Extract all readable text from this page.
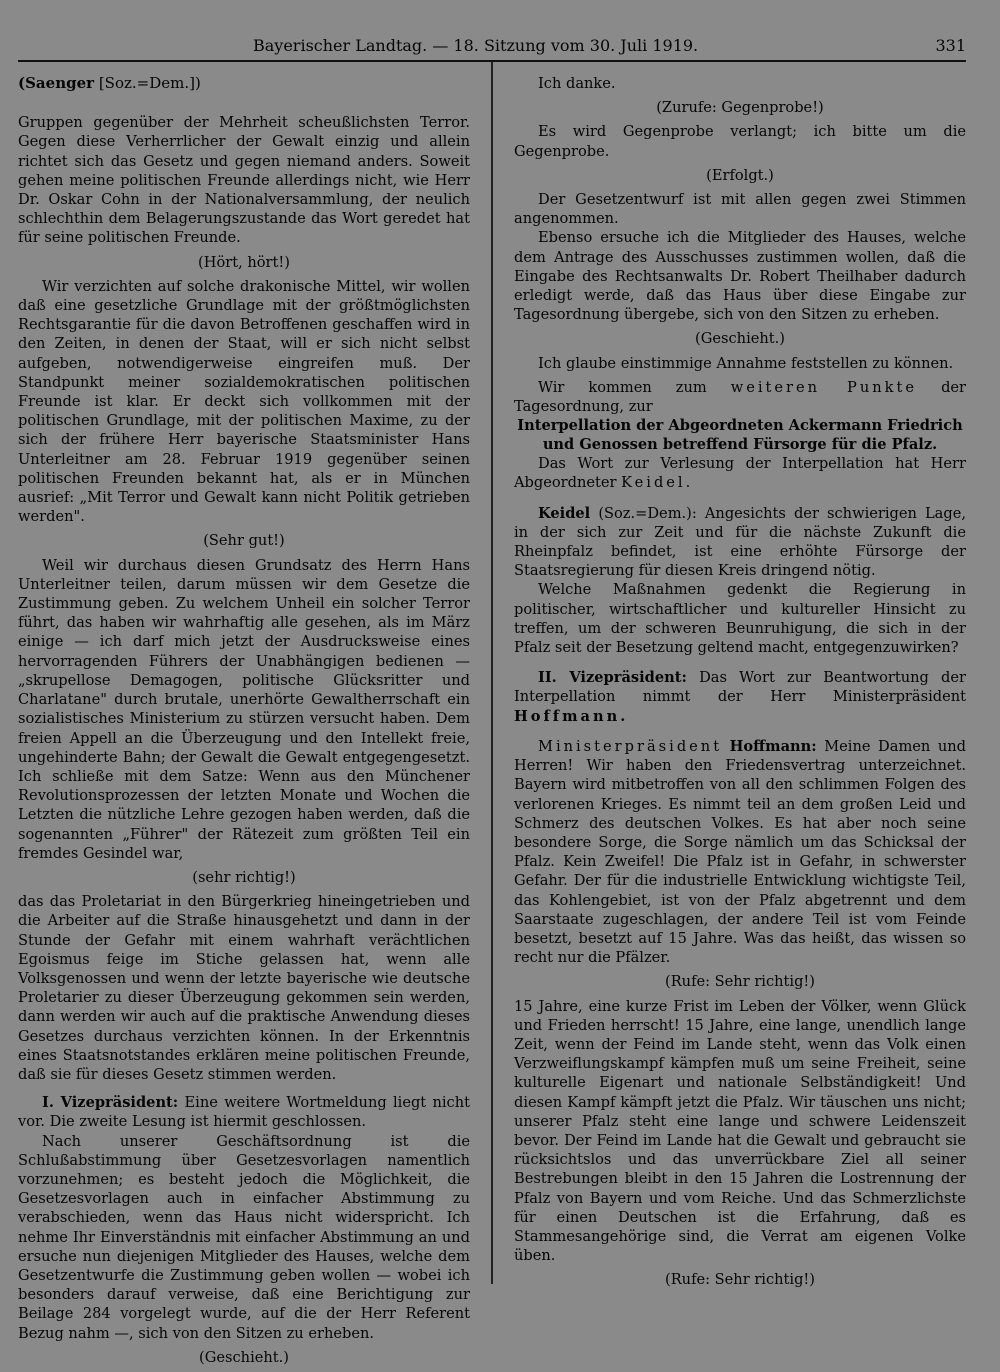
Bayerischer Landtag. — 18. Sitzung vom 30. Juli 1919.	331

(Saenger [Soz.=Dem.])

Gruppen gegenüber der Mehrheit scheußlichsten Terror. Gegen diese Verherrlicher der Gewalt einzig und allein richtet sich das Gesetz und gegen niemand anders. Soweit gehen meine politischen Freunde allerdings nicht, wie Herr Dr. Oskar Cohn in der Nationalversammlung, der neulich schlechthin dem Belagerungszustande das Wort geredet hat für seine politischen Freunde.

(Hört, hört!)

Wir verzichten auf solche drakonische Mittel, wir wollen daß eine gesetzliche Grundlage mit der größtmöglichsten Rechtsgarantie für die davon Betroffenen geschaffen wird in den Zeiten, in denen der Staat, will er sich nicht selbst aufgeben, notwendigerweise eingreifen muß. Der Standpunkt meiner sozialdemokratischen politischen Freunde ist klar. Er deckt sich vollkommen mit der politischen Grundlage, mit der politischen Maxime, zu der sich der frühere Herr bayerische Staatsminister Hans Unterleitner am 28. Februar 1919 gegenüber seinen politischen Freunden bekannt hat, als er in München ausrief: „Mit Terror und Gewalt kann nicht Politik getrieben werden".

(Sehr gut!)

Weil wir durchaus diesen Grundsatz des Herrn Hans Unterleitner teilen, darum müssen wir dem Gesetze die Zustimmung geben. Zu welchem Unheil ein solcher Terror führt, das haben wir wahrhaftig alle gesehen, als im März einige — ich darf mich jetzt der Ausdrucksweise eines hervorragenden Führers der Unabhängigen bedienen — „skrupellose Demagogen, politische Glücksritter und Charlatane" durch brutale, unerhörte Gewaltherrschaft ein sozialistisches Ministerium zu stürzen versucht haben. Dem freien Appell an die Überzeugung und den Intellekt freie, ungehinderte Bahn; der Gewalt die Gewalt entgegengesetzt. Ich schließe mit dem Satze: Wenn aus den Münchener Revolutionsprozessen der letzten Monate und Wochen die Letzten die nützliche Lehre gezogen haben werden, daß die sogenannten „Führer" der Rätezeit zum größten Teil ein fremdes Gesindel war,

(sehr richtig!)

das das Proletariat in den Bürgerkrieg hineingetrieben und die Arbeiter auf die Straße hinausgehetzt und dann in der Stunde der Gefahr mit einem wahrhaft verächtlichen Egoismus feige im Stiche gelassen hat, wenn alle Volksgenossen und wenn der letzte bayerische wie deutsche Proletarier zu dieser Überzeugung gekommen sein werden, dann werden wir auch auf die praktische Anwendung dieses Gesetzes durchaus verzichten können. In der Erkenntnis eines Staatsnotstandes erklären meine politischen Freunde, daß sie für dieses Gesetz stimmen werden.

I. Vizepräsident: Eine weitere Wortmeldung liegt nicht vor. Die zweite Lesung ist hiermit geschlossen.

Nach unserer Geschäftsordnung ist die Schlußabstimmung über Gesetzesvorlagen namentlich vorzunehmen; es besteht jedoch die Möglichkeit, die Gesetzesvorlagen auch in einfacher Abstimmung zu verabschieden, wenn das Haus nicht widerspricht. Ich nehme Ihr Einverständnis mit einfacher Abstimmung an und ersuche nun diejenigen Mitglieder des Hauses, welche dem Gesetzentwurfe die Zustimmung geben wollen — wobei ich besonders darauf verweise, daß eine Berichtigung zur Beilage 284 vorgelegt wurde, auf die der Herr Referent Bezug nahm —, sich von den Sitzen zu erheben.

(Geschieht.)

Ich danke.

(Zurufe: Gegenprobe!)

Es wird Gegenprobe verlangt; ich bitte um die Gegenprobe.

(Erfolgt.)

Der Gesetzentwurf ist mit allen gegen zwei Stimmen angenommen.

Ebenso ersuche ich die Mitglieder des Hauses, welche dem Antrage des Ausschusses zustimmen wollen, daß die Eingabe des Rechtsanwalts Dr. Robert Theilhaber dadurch erledigt werde, daß das Haus über diese Eingabe zur Tagesordnung übergebe, sich von den Sitzen zu erheben.

(Geschieht.)

Ich glaube einstimmige Annahme feststellen zu können.

Wir kommen zum weiteren Punkte der Tagesordnung, zur

Interpellation der Abgeordneten Ackermann Friedrich und Genossen betreffend Fürsorge für die Pfalz.

Das Wort zur Verlesung der Interpellation hat Herr Abgeordneter Keidel.

Keidel (Soz.=Dem.): Angesichts der schwierigen Lage, in der sich zur Zeit und für die nächste Zukunft die Rheinpfalz befindet, ist eine erhöhte Fürsorge der Staatsregierung für diesen Kreis dringend nötig.

Welche Maßnahmen gedenkt die Regierung in politischer, wirtschaftlicher und kultureller Hinsicht zu treffen, um der schweren Beunruhigung, die sich in der Pfalz seit der Besetzung geltend macht, entgegenzuwirken?

II. Vizepräsident: Das Wort zur Beantwortung der Interpellation nimmt der Herr Ministerpräsident Hoffmann.

Ministerpräsident Hoffmann: Meine Damen und Herren! Wir haben den Friedensvertrag unterzeichnet. Bayern wird mitbetroffen von all den schlimmen Folgen des verlorenen Krieges. Es nimmt teil an dem großen Leid und Schmerz des deutschen Volkes. Es hat aber noch seine besondere Sorge, die Sorge nämlich um das Schicksal der Pfalz. Kein Zweifel! Die Pfalz ist in Gefahr, in schwerster Gefahr. Der für die industrielle Entwicklung wichtigste Teil, das Kohlengebiet, ist von der Pfalz abgetrennt und dem Saarstaate zugeschlagen, der andere Teil ist vom Feinde besetzt, besetzt auf 15 Jahre. Was das heißt, das wissen so recht nur die Pfälzer.

(Rufe: Sehr richtig!)

15 Jahre, eine kurze Frist im Leben der Völker, wenn Glück und Frieden herrscht! 15 Jahre, eine lange, unendlich lange Zeit, wenn der Feind im Lande steht, wenn das Volk einen Verzweiflungskampf kämpfen muß um seine Freiheit, seine kulturelle Eigenart und nationale Selbständigkeit! Und diesen Kampf kämpft jetzt die Pfalz. Wir täuschen uns nicht; unserer Pfalz steht eine lange und schwere Leidenszeit bevor. Der Feind im Lande hat die Gewalt und gebraucht sie rücksichtslos und das unverrückbare Ziel all seiner Bestrebungen bleibt in den 15 Jahren die Lostrennung der Pfalz von Bayern und vom Reiche. Und das Schmerzlichste für einen Deutschen ist die Erfahrung, daß es Stammesangehörige sind, die Verrat am eigenen Volke üben.

(Rufe: Sehr richtig!)
